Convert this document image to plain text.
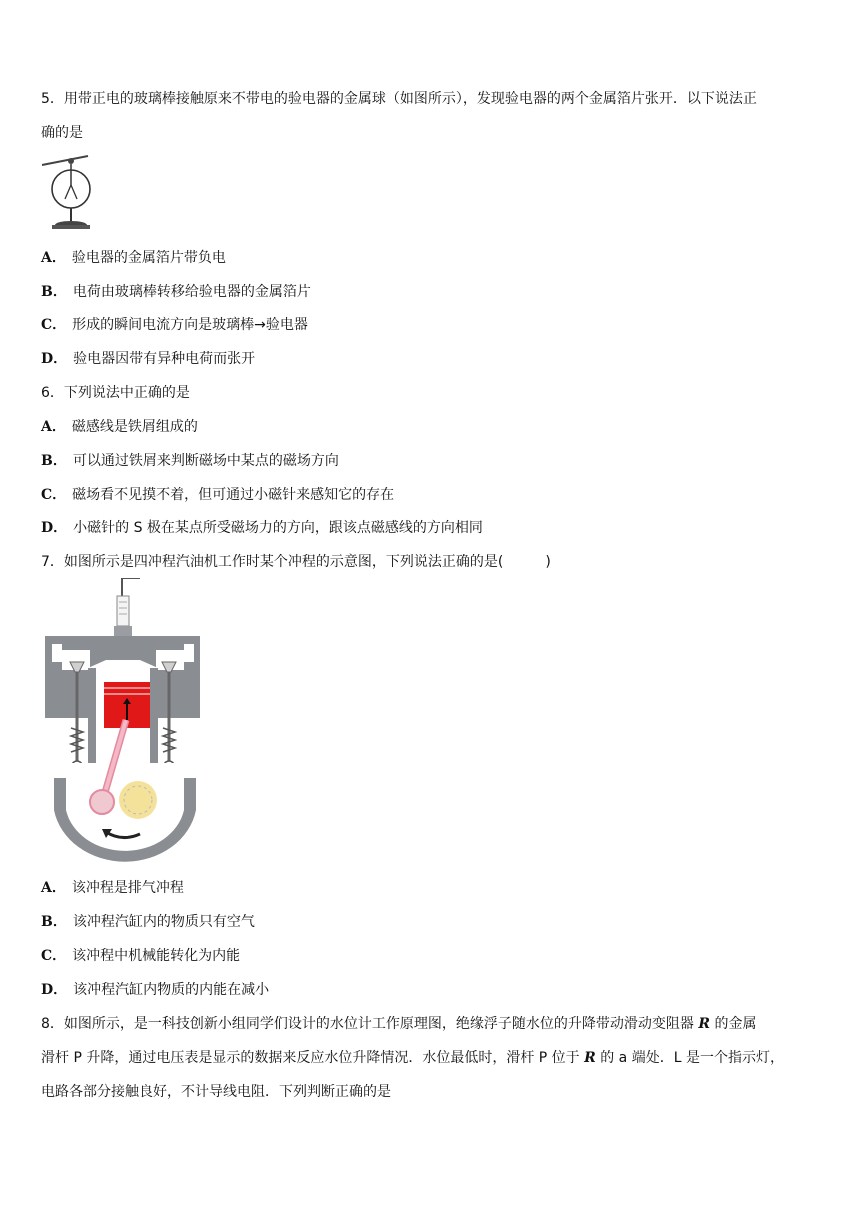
5．用带正电的玻璃棒接触原来不带电的验电器的金属球（如图所示），发现验电器的两个金属箔片张开．以下说法正
确的是
A． 验电器的金属箔片带负电
B． 电荷由玻璃棒转移给验电器的金属箔片
C． 形成的瞬间电流方向是玻璃棒→验电器
D． 验电器因带有异种电荷而张开
6．下列说法中正确的是
A． 磁感线是铁屑组成的
B． 可以通过铁屑来判断磁场中某点的磁场方向
C． 磁场看不见摸不着，但可通过小磁针来感知它的存在
D． 小磁针的 S 极在某点所受磁场力的方向，跟该点磁感线的方向相同
7．如图所示是四冲程汽油机工作时某个冲程的示意图，下列说法正确的是(　　　)
A． 该冲程是排气冲程
B． 该冲程汽缸内的物质只有空气
C． 该冲程中机械能转化为内能
D． 该冲程汽缸内物质的内能在减小
8．如图所示，是一科技创新小组同学们设计的水位计工作原理图，绝缘浮子随水位的升降带动滑动变阻器 R 的金属
滑杆 P 升降，通过电压表是显示的数据来反应水位升降情况．水位最低时，滑杆 P 位于 R 的 a 端处．L 是一个指示灯，
电路各部分接触良好，不计导线电阻．下列判断正确的是
